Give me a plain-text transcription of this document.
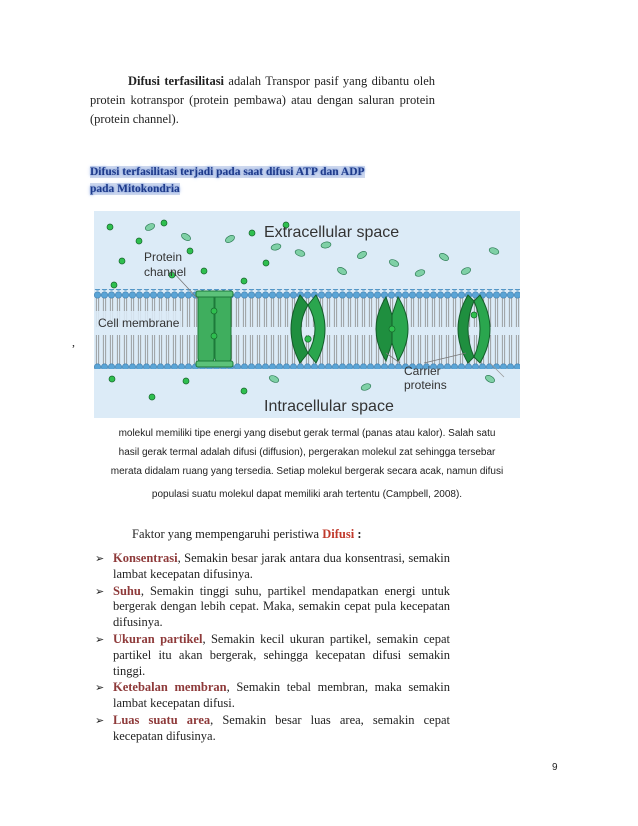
Difusi terfasilitasi adalah Transpor pasif yang dibantu oleh protein kotranspor (protein pembawa) atau dengan saluran protein (protein channel).

Difusi terfasilitasi terjadi pada saat difusi ATP dan ADP
pada Mitokondria
,
Extracellular space
Protein
channel
Cell membrane
Carrier
proteins
Intracellular space
molekul memiliki tipe energi yang disebut gerak termal (panas atau kalor). Salah satu
hasil gerak termal adalah difusi (diffusion), pergerakan molekul zat sehingga tersebar
merata didalam ruang yang tersedia. Setiap molekul bergerak secara acak, namun difusi
populasi suatu molekul dapat memiliki arah tertentu (Campbell, 2008).
Faktor yang mempengaruhi peristiwa Difusi :
➢ Konsentrasi, Semakin besar jarak antara dua konsentrasi, semakin lambat kecepatan difusinya.
➢ Suhu, Semakin tinggi suhu, partikel mendapatkan energi untuk bergerak dengan lebih cepat. Maka, semakin cepat pula kecepatan difusinya.
➢ Ukuran partikel, Semakin kecil ukuran partikel, semakin cepat partikel itu akan bergerak, sehingga kecepatan difusi semakin tinggi.
➢ Ketebalan membran, Semakin tebal membran, maka semakin lambat kecepatan difusi.
➢ Luas suatu area, Semakin besar luas area, semakin cepat kecepatan difusinya.
9
